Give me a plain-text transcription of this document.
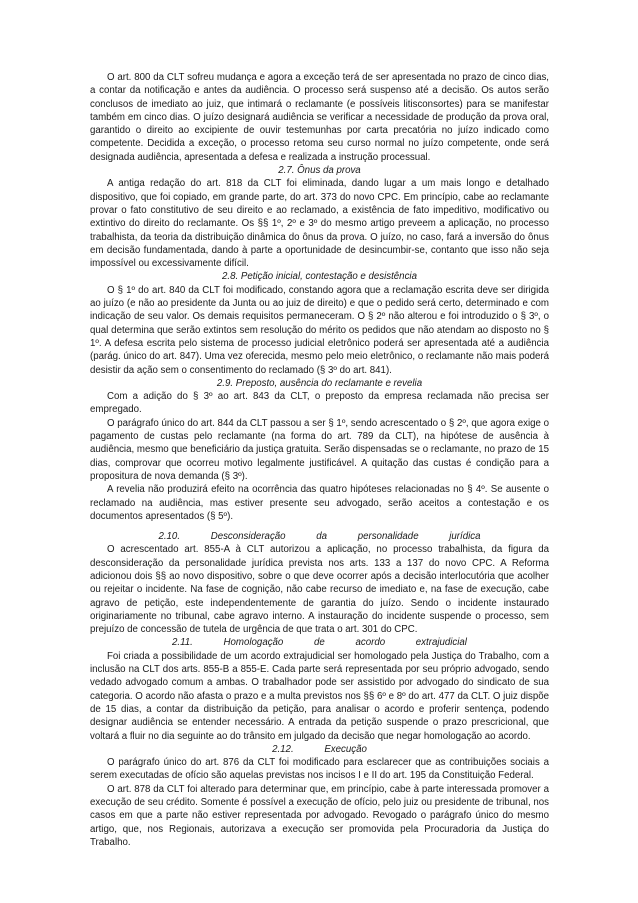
O art. 800 da CLT sofreu mudança e agora a exceção terá de ser apresentada no prazo de cinco dias, a contar da notificação e antes da audiência. O processo será suspenso até a decisão. Os autos serão conclusos de imediato ao juiz, que intimará o reclamante (e possíveis litisconsortes) para se manifestar também em cinco dias. O juízo designará audiência se verificar a necessidade de produção da prova oral, garantido o direito ao excipiente de ouvir testemunhas por carta precatória no juízo indicado como competente. Decidida a exceção, o processo retoma seu curso normal no juízo competente, onde será designada audiência, apresentada a defesa e realizada a instrução processual.

2.7. Ônus da prova

A antiga redação do art. 818 da CLT foi eliminada, dando lugar a um mais longo e detalhado dispositivo, que foi copiado, em grande parte, do art. 373 do novo CPC. Em princípio, cabe ao reclamante provar o fato constitutivo de seu direito e ao reclamado, a existência de fato impeditivo, modificativo ou extintivo do direito do reclamante. Os §§ 1º, 2º e 3º do mesmo artigo preveem a aplicação, no processo trabalhista, da teoria da distribuição dinâmica do ônus da prova. O juízo, no caso, fará a inversão do ônus em decisão fundamentada, dando à parte a oportunidade de desincumbir-se, contanto que isso não seja impossível ou excessivamente difícil.

2.8. Petição inicial, contestação e desistência

O § 1º do art. 840 da CLT foi modificado, constando agora que a reclamação escrita deve ser dirigida ao juízo (e não ao presidente da Junta ou ao juiz de direito) e que o pedido será certo, determinado e com indicação de seu valor. Os demais requisitos permaneceram. O § 2º não alterou e foi introduzido o § 3º, o qual determina que serão extintos sem resolução do mérito os pedidos que não atendam ao disposto no § 1º. A defesa escrita pelo sistema de processo judicial eletrônico poderá ser apresentada até a audiência (parág. único do art. 847). Uma vez oferecida, mesmo pelo meio eletrônico, o reclamante não mais poderá desistir da ação sem o consentimento do reclamado (§ 3º do art. 841).

2.9. Preposto, ausência do reclamante e revelia

Com a adição do § 3º ao art. 843 da CLT, o preposto da empresa reclamada não precisa ser empregado.

O parágrafo único do art. 844 da CLT passou a ser § 1º, sendo acrescentado o § 2º, que agora exige o pagamento de custas pelo reclamante (na forma do art. 789 da CLT), na hipótese de ausência à audiência, mesmo que beneficiário da justiça gratuita. Serão dispensadas se o reclamante, no prazo de 15 dias, comprovar que ocorreu motivo legalmente justificável. A quitação das custas é condição para a propositura de nova demanda (§ 3º).

A revelia não produzirá efeito na ocorrência das quatro hipóteses relacionadas no § 4º. Se ausente o reclamado na audiência, mas estiver presente seu advogado, serão aceitos a contestação e os documentos apresentados (§ 5º).

2.10. Desconsideração da personalidade jurídica

O acrescentado art. 855-A à CLT autorizou a aplicação, no processo trabalhista, da figura da desconsideração da personalidade jurídica prevista nos arts. 133 a 137 do novo CPC. A Reforma adicionou dois §§ ao novo dispositivo, sobre o que deve ocorrer após a decisão interlocutória que acolher ou rejeitar o incidente. Na fase de cognição, não cabe recurso de imediato e, na fase de execução, cabe agravo de petição, este independentemente de garantia do juízo. Sendo o incidente instaurado originariamente no tribunal, cabe agravo interno. A instauração do incidente suspende o processo, sem prejuízo de concessão de tutela de urgência de que trata o art. 301 do CPC.

2.11. Homologação de acordo extrajudicial

Foi criada a possibilidade de um acordo extrajudicial ser homologado pela Justiça do Trabalho, com a inclusão na CLT dos arts. 855-B a 855-E. Cada parte será representada por seu próprio advogado, sendo vedado advogado comum a ambas. O trabalhador pode ser assistido por advogado do sindicato de sua categoria. O acordo não afasta o prazo e a multa previstos nos §§ 6º e 8º do art. 477 da CLT. O juiz dispõe de 15 dias, a contar da distribuição da petição, para analisar o acordo e proferir sentença, podendo designar audiência se entender necessário. A entrada da petição suspende o prazo prescricional, que voltará a fluir no dia seguinte ao do trânsito em julgado da decisão que negar homologação ao acordo.

2.12. Execução

O parágrafo único do art. 876 da CLT foi modificado para esclarecer que as contribuições sociais a serem executadas de ofício são aquelas previstas nos incisos I e II do art. 195 da Constituição Federal.

O art. 878 da CLT foi alterado para determinar que, em princípio, cabe à parte interessada promover a execução de seu crédito. Somente é possível a execução de ofício, pelo juiz ou presidente de tribunal, nos casos em que a parte não estiver representada por advogado. Revogado o parágrafo único do mesmo artigo, que, nos Regionais, autorizava a execução ser promovida pela Procuradoria da Justiça do Trabalho.
